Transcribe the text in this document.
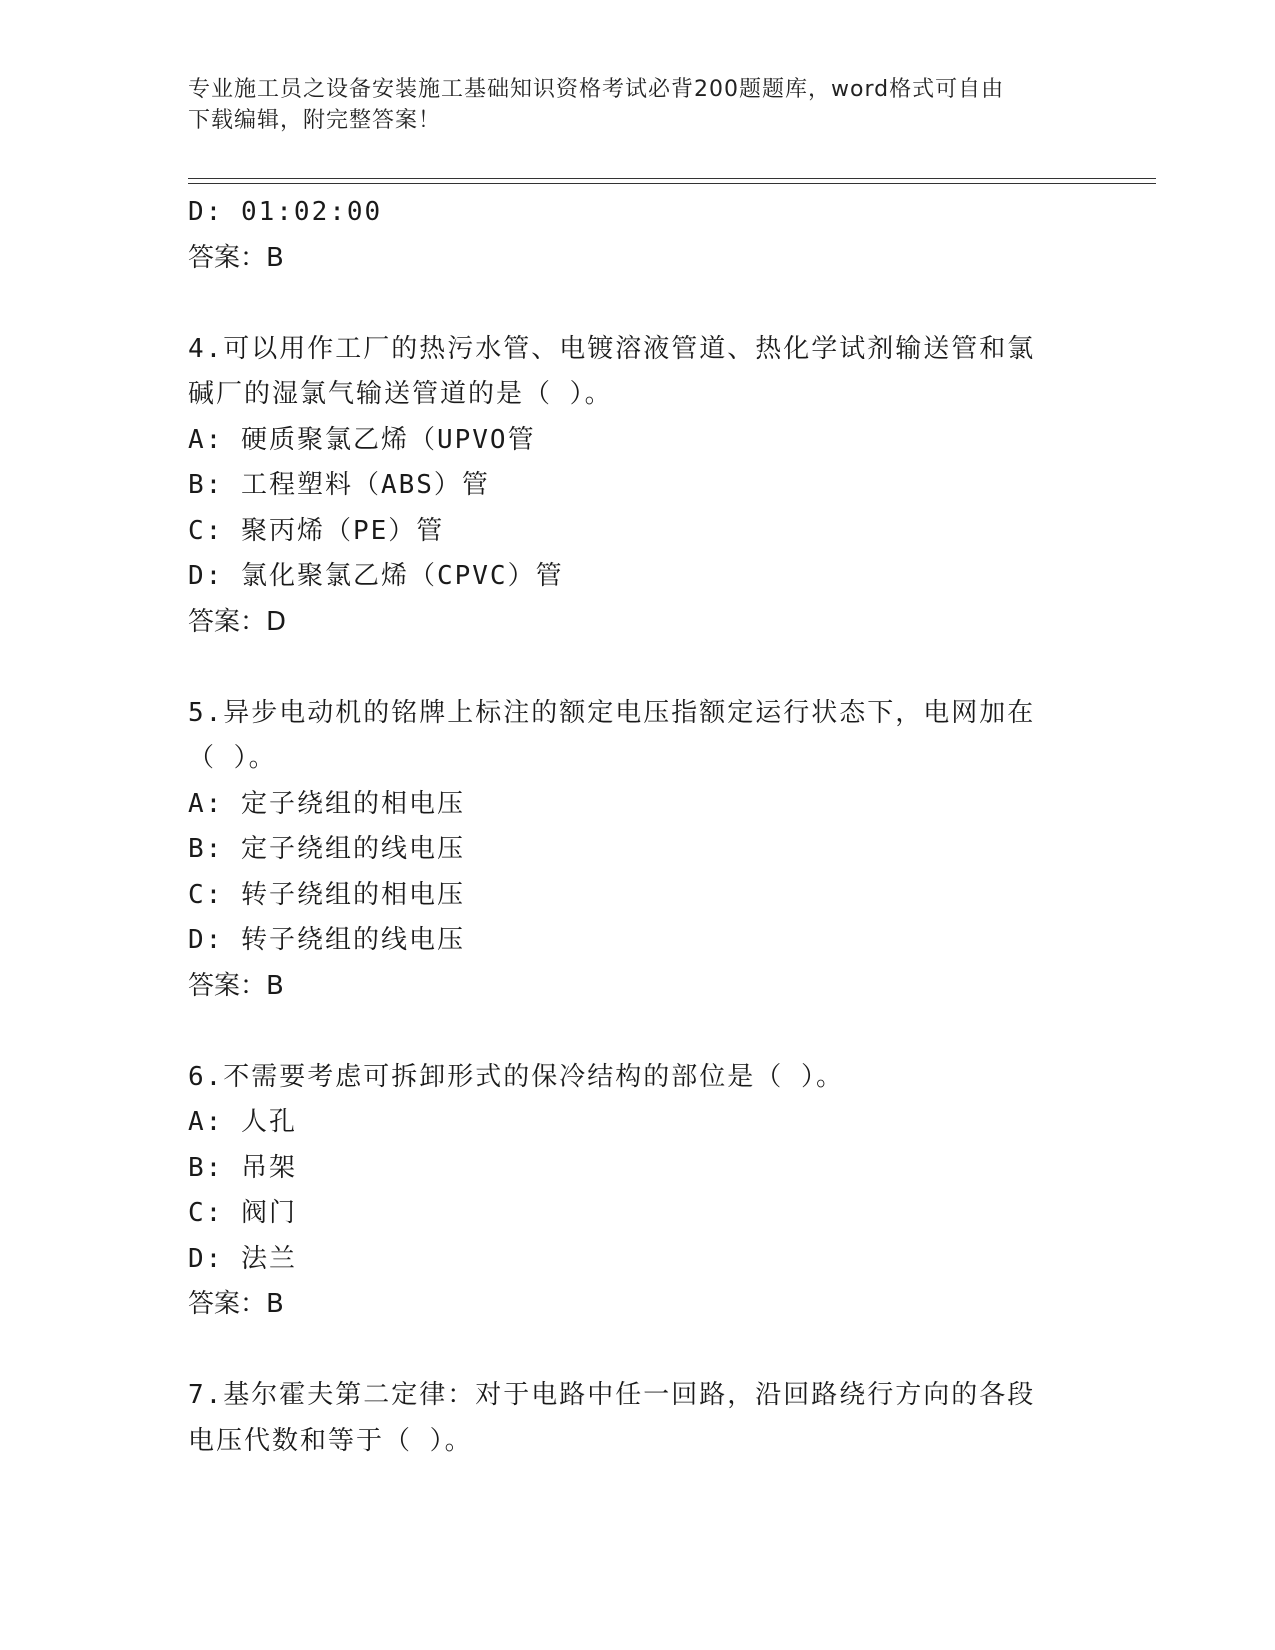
专业施工员之设备安装施工基础知识资格考试必背200题题库，word格式可自由
下载编辑，附完整答案！
D: 01:02:00
答案：B
4.可以用作工厂的热污水管、电镀溶液管道、热化学试剂输送管和氯
碱厂的湿氯气输送管道的是（ ）。
A: 硬质聚氯乙烯（UPVO管
B: 工程塑料（ABS）管
C: 聚丙烯（PE）管
D: 氯化聚氯乙烯（CPVC）管
答案：D
5.异步电动机的铭牌上标注的额定电压指额定运行状态下，电网加在
（ ）。
A: 定子绕组的相电压
B: 定子绕组的线电压
C: 转子绕组的相电压
D: 转子绕组的线电压
答案：B
6.不需要考虑可拆卸形式的保冷结构的部位是（ ）。
A: 人孔
B: 吊架
C: 阀门
D: 法兰
答案：B
7.基尔霍夫第二定律：对于电路中任一回路，沿回路绕行方向的各段
电压代数和等于（ ）。
